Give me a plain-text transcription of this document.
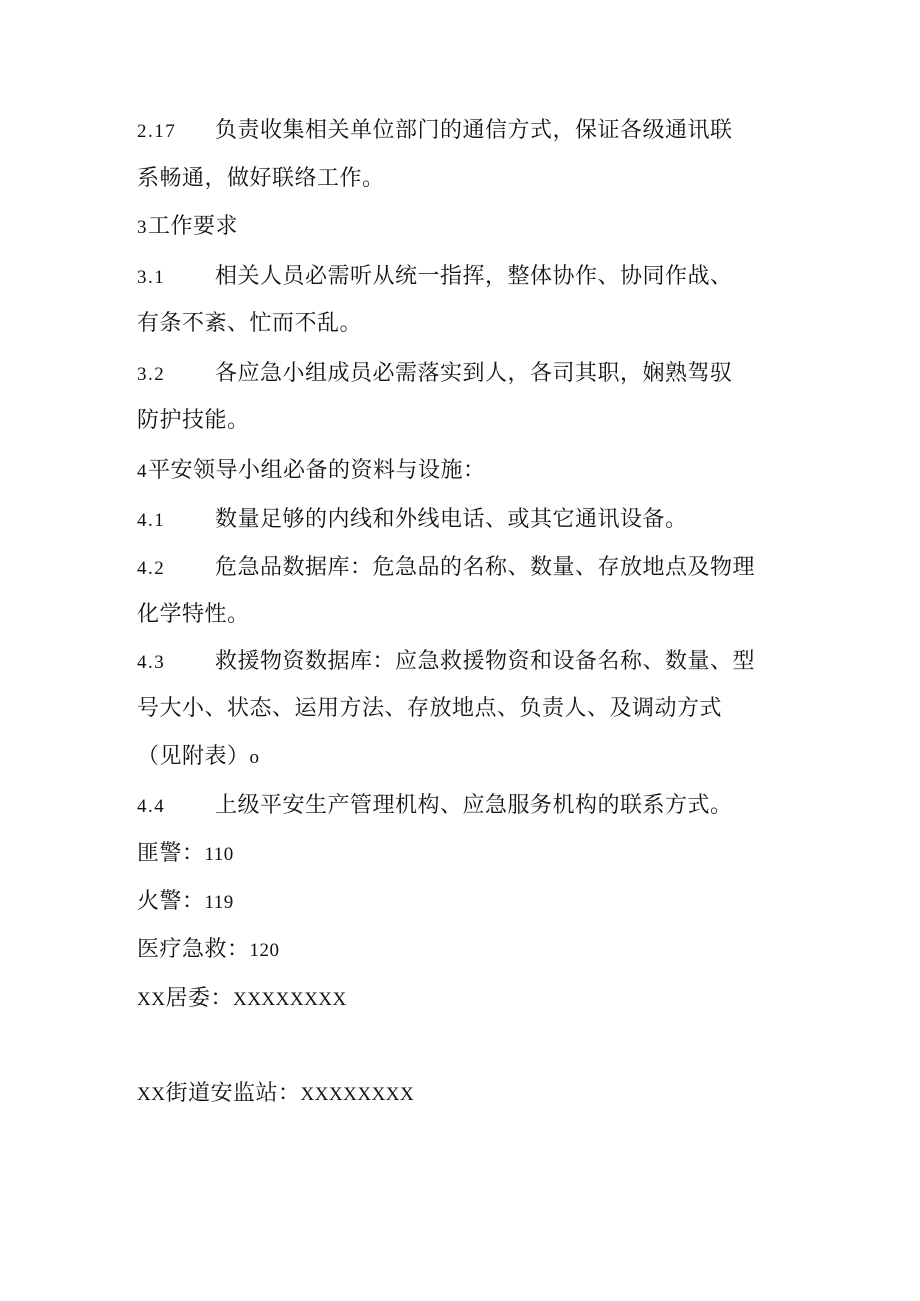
2.17 负责收集相关单位部门的通信方式，保证各级通讯联
系畅通，做好联络工作。
3工作要求
3.1 相关人员必需听从统一指挥，整体协作、协同作战、
有条不紊、忙而不乱。
3.2 各应急小组成员必需落实到人，各司其职，娴熟驾驭
防护技能。
4平安领导小组必备的资料与设施：
4.1 数量足够的内线和外线电话、或其它通讯设备。
4.2 危急品数据库：危急品的名称、数量、存放地点及物理
化学特性。
4.3 救援物资数据库：应急救援物资和设备名称、数量、型
号大小、状态、运用方法、存放地点、负责人、及调动方式
（见附表）o
4.4 上级平安生产管理机构、应急服务机构的联系方式。
匪警：110
火警：119
医疗急救：120
XX居委：XXXXXXXX
XX街道安监站：XXXXXXXX
